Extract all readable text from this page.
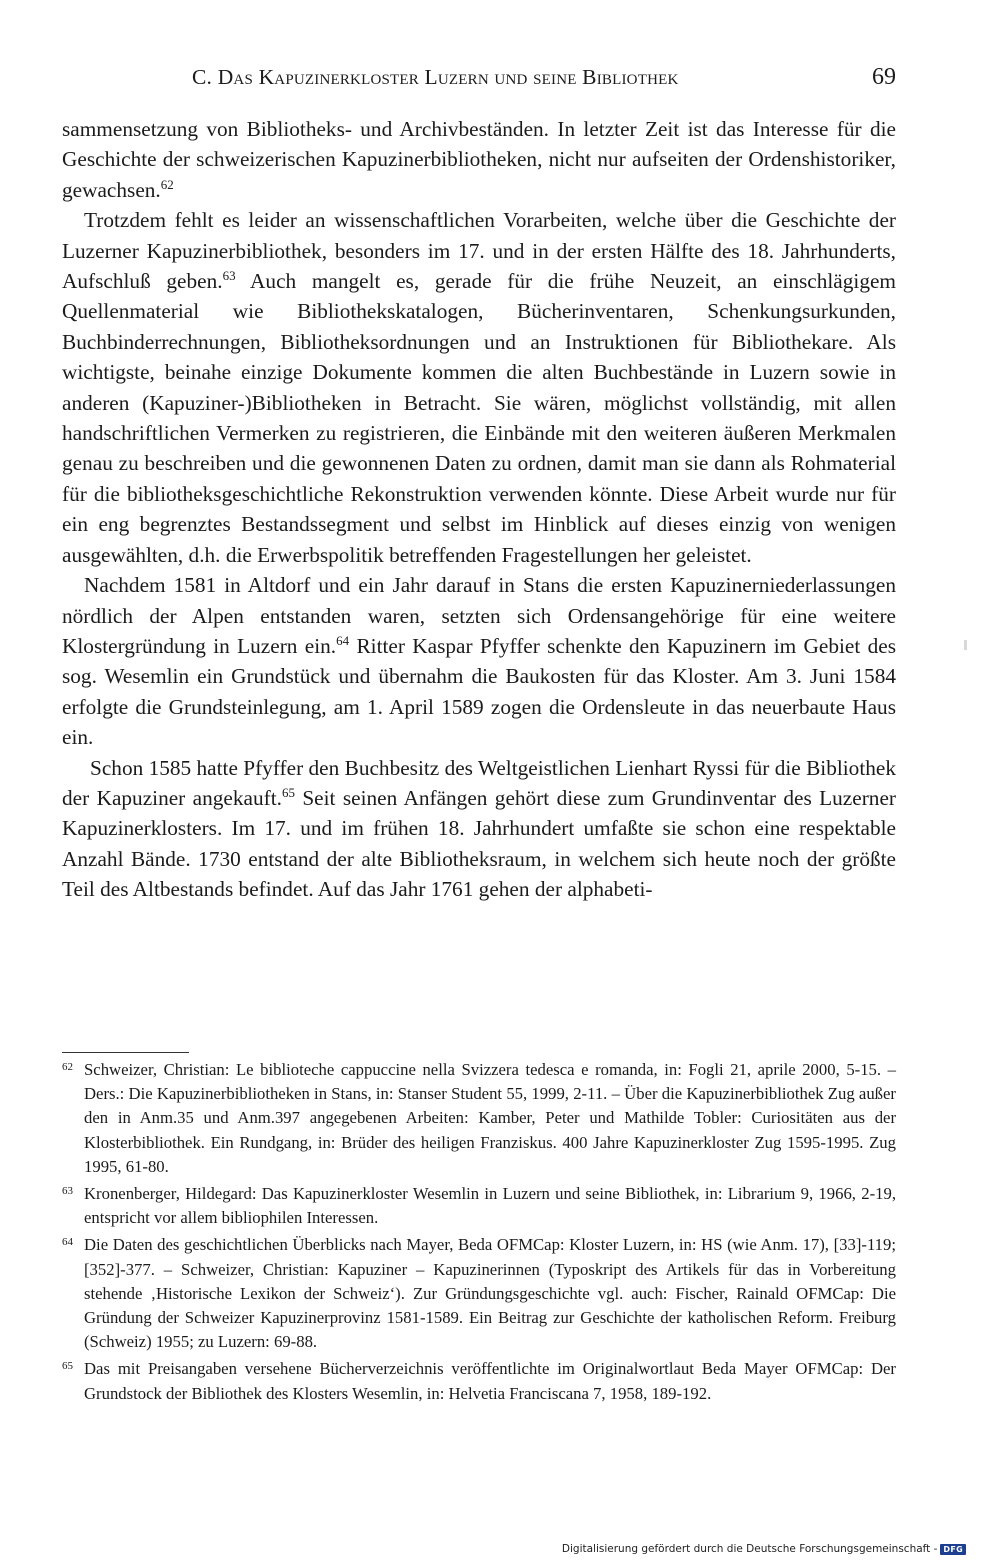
C. Das Kapuzinerkloster Luzern und seine Bibliothek	69

sammensetzung von Bibliotheks- und Archivbeständen. In letzter Zeit ist das Interesse für die Geschichte der schweizerischen Kapuzinerbibliotheken, nicht nur aufseiten der Ordenshistoriker, gewachsen.$^{62}$

Trotzdem fehlt es leider an wissenschaftlichen Vorarbeiten, welche über die Geschichte der Luzerner Kapuzinerbibliothek, besonders im 17. und in der ersten Hälfte des 18. Jahrhunderts, Aufschluß geben.$^{63}$ Auch mangelt es, gerade für die frühe Neuzeit, an einschlägigem Quellenmaterial wie Bibliothekskatalogen, Bücherinventaren, Schenkungsurkunden, Buchbinderrechnungen, Bibliotheksordnungen und an Instruktionen für Bibliothekare. Als wichtigste, beinahe einzige Dokumente kommen die alten Buchbestände in Luzern sowie in anderen (Kapuziner-)Bibliotheken in Betracht. Sie wären, möglichst vollständig, mit allen handschriftlichen Vermerken zu registrieren, die Einbände mit den weiteren äußeren Merkmalen genau zu beschreiben und die gewonnenen Daten zu ordnen, damit man sie dann als Rohmaterial für die bibliotheksgeschichtliche Rekonstruktion verwenden könnte. Diese Arbeit wurde nur für ein eng begrenztes Bestandssegment und selbst im Hinblick auf dieses einzig von wenigen ausgewählten, d.h. die Erwerbspolitik betreffenden Fragestellungen her geleistet.

Nachdem 1581 in Altdorf und ein Jahr darauf in Stans die ersten Kapuzinerniederlassungen nördlich der Alpen entstanden waren, setzten sich Ordensangehörige für eine weitere Klostergründung in Luzern ein.$^{64}$ Ritter Kaspar Pfyffer schenkte den Kapuzinern im Gebiet des sog. Wesemlin ein Grundstück und übernahm die Baukosten für das Kloster. Am 3. Juni 1584 erfolgte die Grundsteinlegung, am 1. April 1589 zogen die Ordensleute in das neuerbaute Haus ein.

Schon 1585 hatte Pfyffer den Buchbesitz des Weltgeistlichen Lienhart Ryssi für die Bibliothek der Kapuziner angekauft.$^{65}$ Seit seinen Anfängen gehört diese zum Grundinventar des Luzerner Kapuzinerklosters. Im 17. und im frühen 18. Jahrhundert umfaßte sie schon eine respektable Anzahl Bände. 1730 entstand der alte Bibliotheksraum, in welchem sich heute noch der größte Teil des Altbestands befindet. Auf das Jahr 1761 gehen der alphabeti-

62 Schweizer, Christian: Le biblioteche cappuccine nella Svizzera tedesca e romanda, in: Fogli 21, aprile 2000, 5-15. – Ders.: Die Kapuzinerbibliotheken in Stans, in: Stanser Student 55, 1999, 2-11. – Über die Kapuzinerbibliothek Zug außer den in Anm.35 und Anm.397 angegebenen Arbeiten: Kamber, Peter und Mathilde Tobler: Curiositäten aus der Klosterbibliothek. Ein Rundgang, in: Brüder des heiligen Franziskus. 400 Jahre Kapuzinerkloster Zug 1595-1995. Zug 1995, 61-80.
63 Kronenberger, Hildegard: Das Kapuzinerkloster Wesemlin in Luzern und seine Bibliothek, in: Librarium 9, 1966, 2-19, entspricht vor allem bibliophilen Interessen.
64 Die Daten des geschichtlichen Überblicks nach Mayer, Beda OFMCap: Kloster Luzern, in: HS (wie Anm. 17), [33]-119; [352]-377. – Schweizer, Christian: Kapuziner – Kapuzinerinnen (Typoskript des Artikels für das in Vorbereitung stehende ‚Historische Lexikon der Schweiz‘). Zur Gründungsgeschichte vgl. auch: Fischer, Rainald OFMCap: Die Gründung der Schweizer Kapuzinerprovinz 1581-1589. Ein Beitrag zur Geschichte der katholischen Reform. Freiburg (Schweiz) 1955; zu Luzern: 69-88.
65 Das mit Preisangaben versehene Bücherverzeichnis veröffentlichte im Originalwortlaut Beda Mayer OFMCap: Der Grundstock der Bibliothek des Klosters Wesemlin, in: Helvetia Franciscana 7, 1958, 189-192.
Digitalisierung gefördert durch die Deutsche Forschungsgemeinschaft - DFG
